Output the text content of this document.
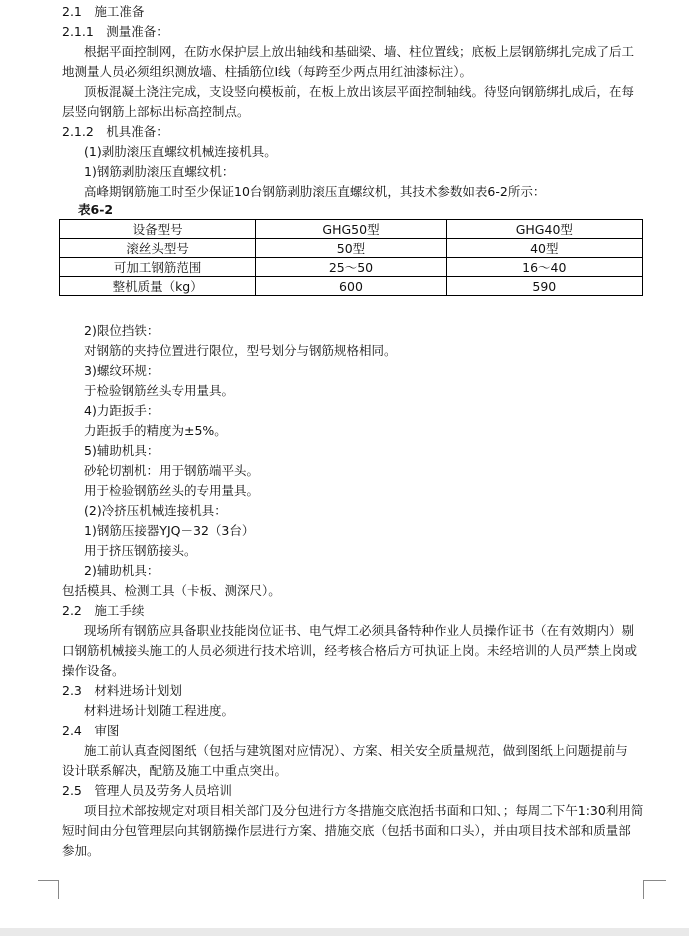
2.1　施工准备
2.1.1　测量准备：
根据平面控制网，在防水保护层上放出轴线和基础梁、墙、柱位置线；底板上层钢筋绑扎完成了后工
地测量人员必须组织测放墙、柱插筋位I线（每跨至少两点用红油漆标注）。
顶板混凝土浇注完成，支设竖向模板前，在板上放出该层平面控制轴线。待竖向钢筋绑扎成后，在每
层竖向钢筋上部标出标高控制点。
2.1.2　机具准备：
(1)剥肋滚压直螺纹机械连接机具。
1)钢筋剥肋滚压直螺纹机：
高峰期钢筋施工时至少保证10台钢筋剥肋滚压直螺纹机，其技术参数如表6-2所示：
表6-2
设备型号	GHG50型	GHG40型
滚丝头型号	50型	40型
可加工钢筋范围	25～50	16～40
整机质量（kg）	600	590
2)限位挡铁：
对钢筋的夹持位置进行限位，型号划分与钢筋规格相同。
3)螺纹环规：
于检验钢筋丝头专用量具。
4)力距扳手：
力距扳手的精度为±5%。
5)辅助机具：
砂轮切割机：用于钢筋端平头。
用于检验钢筋丝头的专用量具。
(2)冷挤压机械连接机具：
1)钢筋压接器YJQ－32（3台）
用于挤压钢筋接头。
2)辅助机具：
包括模具、检测工具（卡板、测深尺）。
2.2　施工手续
现场所有钢筋应具备职业技能岗位证书、电气焊工必须具备特种作业人员操作证书（在有效期内）剔
口钢筋机械接头施工的人员必须进行技术培训，经考核合格后方可执证上岗。未经培训的人员严禁上岗或
操作设备。
2.3　材料进场计划划
材料进场计划随工程进度。
2.4　审图
施工前认真查阅图纸（包括与建筑图对应情况）、方案、相关安全质量规范，做到图纸上问题提前与
设计联系解决，配筋及施工中重点突出。
2.5　管理人员及劳务人员培训
项目拉术部按规定对项目相关部门及分包进行方冬措施交底泡括书面和口知、；每周二下午1:30利用简
短时间由分包管理层向其钢筋操作层进行方案、措施交底（包括书面和口头），并由项目技术部和质量部
参加。
